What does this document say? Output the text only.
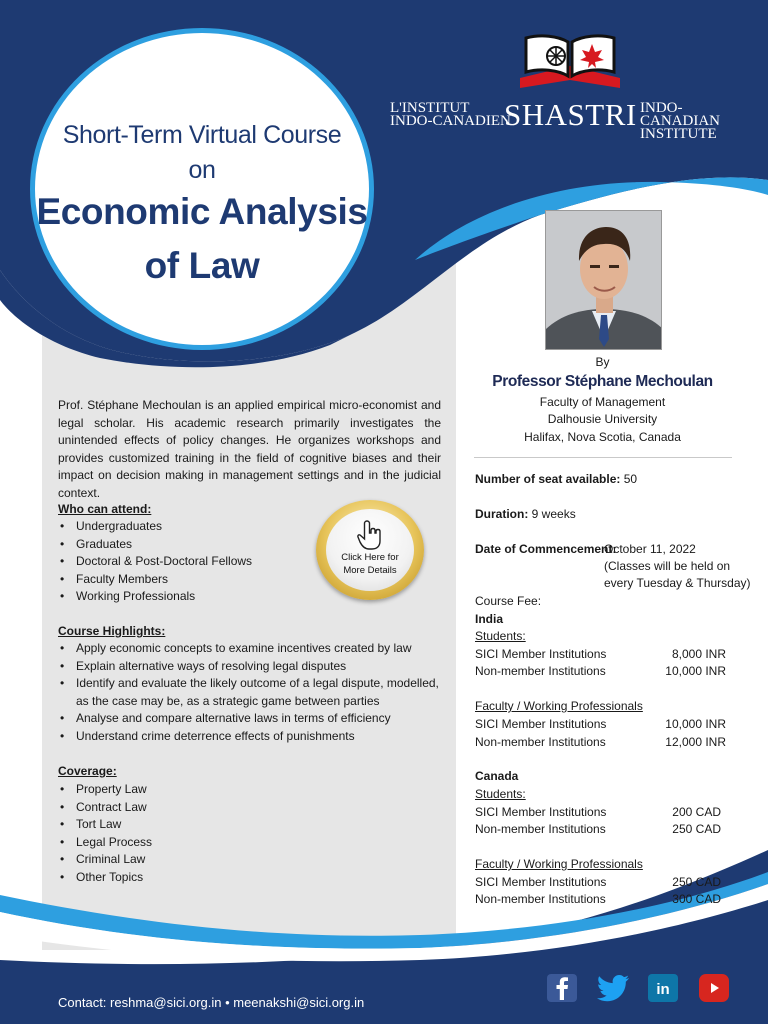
Short-Term Virtual Course
on
Economic Analysis
of Law
L'INSTITUT
INDO-CANADIEN
SHASTRI INDO-CANADIAN
INSTITUTE
By
Professor Stéphane Mechoulan
Faculty of Management
Dalhousie University
Halifax, Nova Scotia, Canada
Number of seat available: 50
Duration: 9 weeks
Date of Commencement:
October 11, 2022
(Classes will be held on
every Tuesday & Thursday)
Course Fee:
India
Students:
SICI Member Institutions	8,000 INR
Non-member Institutions	10,000 INR
Faculty / Working Professionals
SICI Member Institutions	10,000 INR
Non-member Institutions	12,000 INR
Canada
Students:
SICI Member Institutions	200 CAD
Non-member Institutions	250 CAD
Faculty / Working Professionals
SICI Member Institutions	250 CAD
Non-member Institutions	300 CAD
Prof. Stéphane Mechoulan is an applied empirical micro-economist and legal scholar. His academic research primarily investigates the unintended effects of policy changes. He organizes workshops and provides customized training in the field of cognitive biases and their impact on decision making in management settings and in the judicial context.
Who can attend:
• Undergraduates
• Graduates
• Doctoral & Post-Doctoral Fellows
• Faculty Members
• Working Professionals
Course Highlights:
• Apply economic concepts to examine incentives created by law
• Explain alternative ways of resolving legal disputes
• Identify and evaluate the likely outcome of a legal dispute, modelled, as the case may be, as a strategic game between parties
• Analyse and compare alternative laws in terms of efficiency
• Understand crime deterrence effects of punishments
Coverage:
• Property Law
• Contract Law
• Tort Law
• Legal Process
• Criminal Law
• Other Topics
Click Here for
More Details
Contact: reshma@sici.org.in • meenakshi@sici.org.in
in
